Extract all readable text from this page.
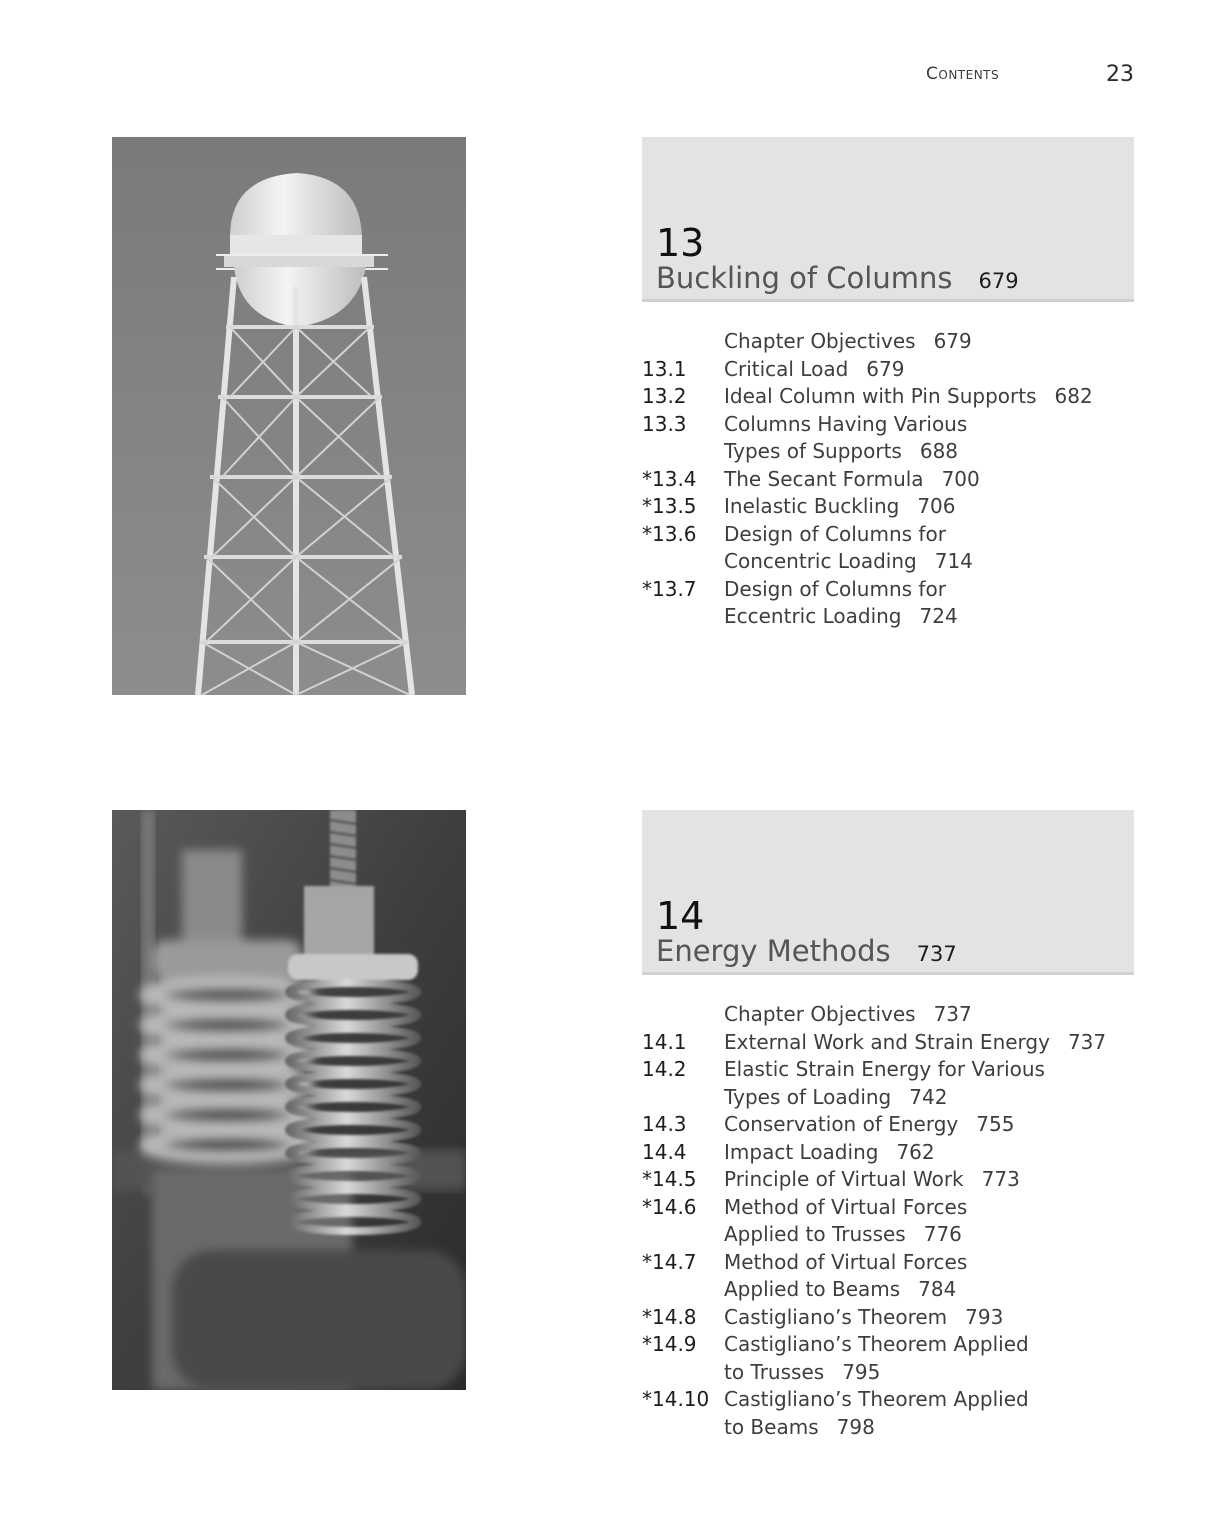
Contents	23
13
Buckling of Columns 679
Chapter Objectives 679
13.1	Critical Load 679
13.2	Ideal Column with Pin Supports 682
13.3	Columns Having Various
Types of Supports 688
*13.4	The Secant Formula 700
*13.5	Inelastic Buckling 706
*13.6	Design of Columns for
Concentric Loading 714
*13.7	Design of Columns for
Eccentric Loading 724
14
Energy Methods 737
Chapter Objectives 737
14.1	External Work and Strain Energy 737
14.2	Elastic Strain Energy for Various
Types of Loading 742
14.3	Conservation of Energy 755
14.4	Impact Loading 762
*14.5	Principle of Virtual Work 773
*14.6	Method of Virtual Forces
Applied to Trusses 776
*14.7	Method of Virtual Forces
Applied to Beams 784
*14.8	Castigliano’s Theorem 793
*14.9	Castigliano’s Theorem Applied
to Trusses 795
*14.10 Castigliano’s Theorem Applied
to Beams 798
